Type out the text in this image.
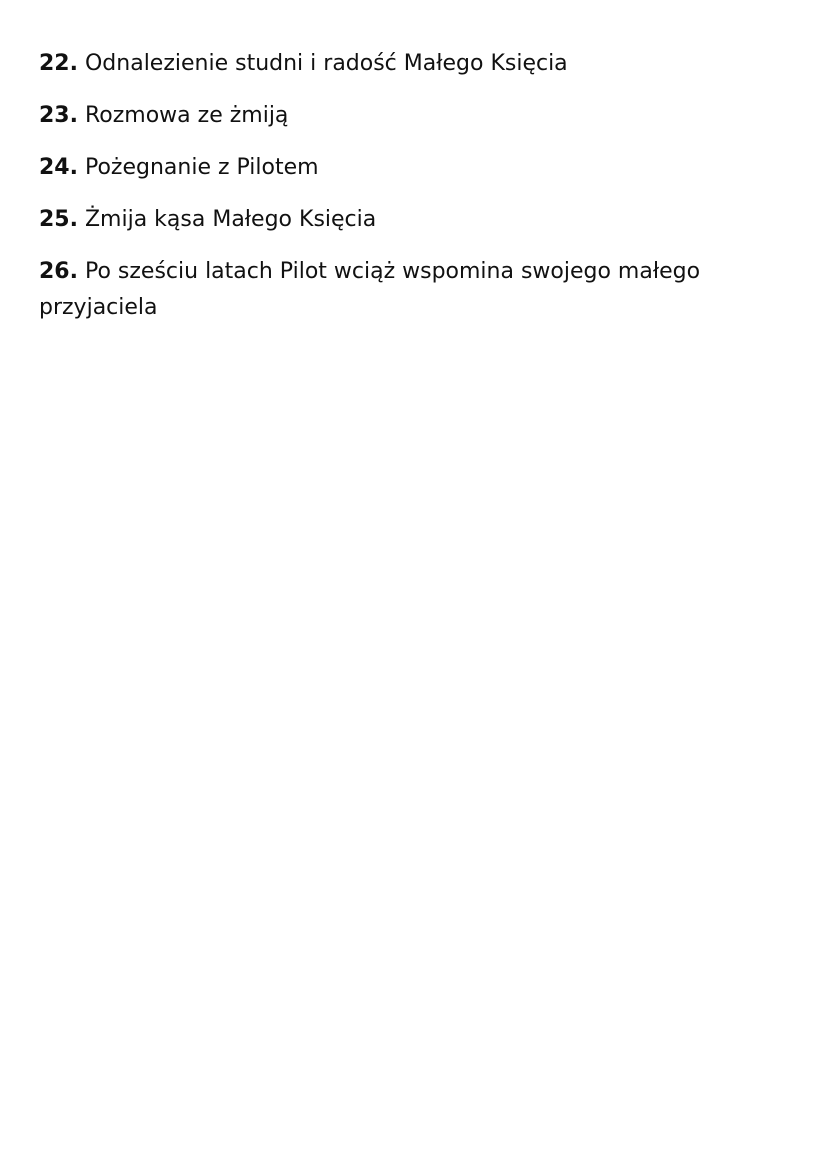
22. Odnalezienie studni i radość Małego Księcia
23. Rozmowa ze żmiją
24. Pożegnanie z Pilotem
25. Żmija kąsa Małego Księcia
26. Po sześciu latach Pilot wciąż wspomina swojego małego przyjaciela
